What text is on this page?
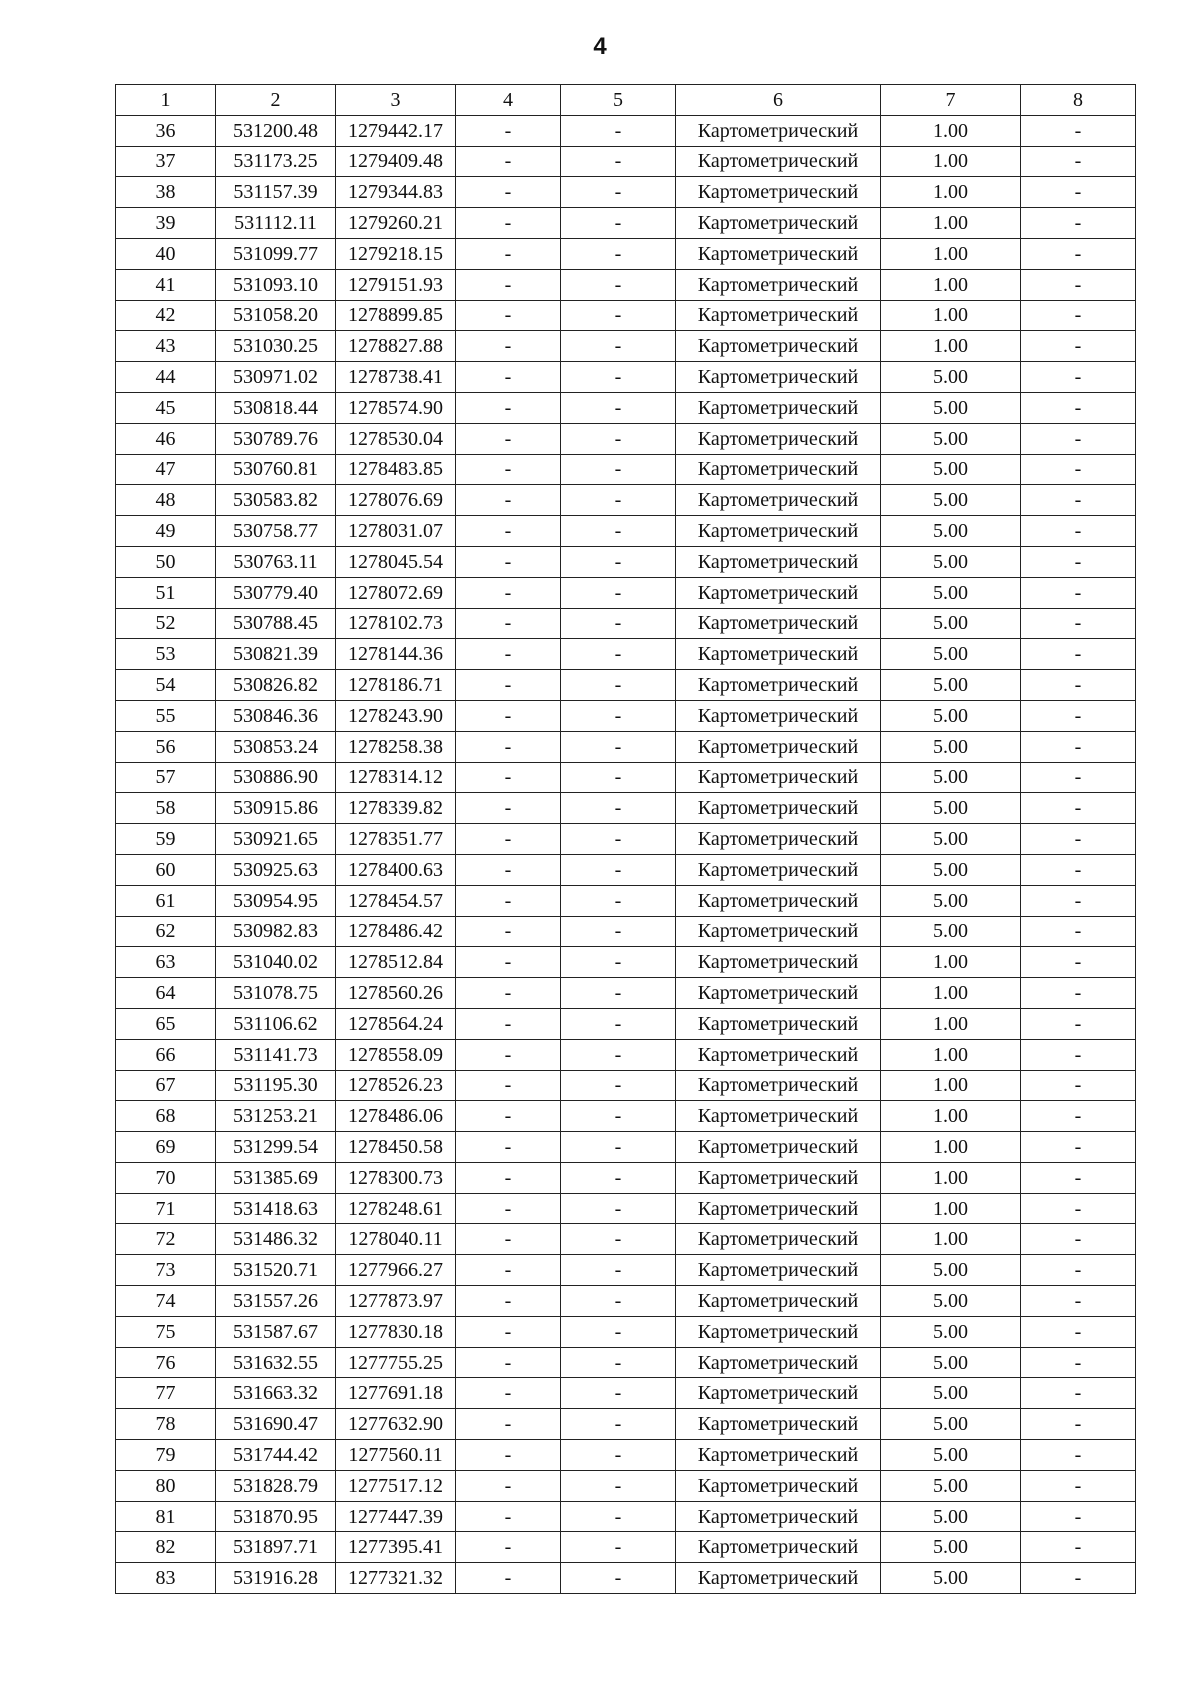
4
1	2	3	4	5	6	7	8
36	531200.48	1279442.17	-	-	Картометрический	1.00	-
37	531173.25	1279409.48	-	-	Картометрический	1.00	-
38	531157.39	1279344.83	-	-	Картометрический	1.00	-
39	531112.11	1279260.21	-	-	Картометрический	1.00	-
40	531099.77	1279218.15	-	-	Картометрический	1.00	-
41	531093.10	1279151.93	-	-	Картометрический	1.00	-
42	531058.20	1278899.85	-	-	Картометрический	1.00	-
43	531030.25	1278827.88	-	-	Картометрический	1.00	-
44	530971.02	1278738.41	-	-	Картометрический	5.00	-
45	530818.44	1278574.90	-	-	Картометрический	5.00	-
46	530789.76	1278530.04	-	-	Картометрический	5.00	-
47	530760.81	1278483.85	-	-	Картометрический	5.00	-
48	530583.82	1278076.69	-	-	Картометрический	5.00	-
49	530758.77	1278031.07	-	-	Картометрический	5.00	-
50	530763.11	1278045.54	-	-	Картометрический	5.00	-
51	530779.40	1278072.69	-	-	Картометрический	5.00	-
52	530788.45	1278102.73	-	-	Картометрический	5.00	-
53	530821.39	1278144.36	-	-	Картометрический	5.00	-
54	530826.82	1278186.71	-	-	Картометрический	5.00	-
55	530846.36	1278243.90	-	-	Картометрический	5.00	-
56	530853.24	1278258.38	-	-	Картометрический	5.00	-
57	530886.90	1278314.12	-	-	Картометрический	5.00	-
58	530915.86	1278339.82	-	-	Картометрический	5.00	-
59	530921.65	1278351.77	-	-	Картометрический	5.00	-
60	530925.63	1278400.63	-	-	Картометрический	5.00	-
61	530954.95	1278454.57	-	-	Картометрический	5.00	-
62	530982.83	1278486.42	-	-	Картометрический	5.00	-
63	531040.02	1278512.84	-	-	Картометрический	1.00	-
64	531078.75	1278560.26	-	-	Картометрический	1.00	-
65	531106.62	1278564.24	-	-	Картометрический	1.00	-
66	531141.73	1278558.09	-	-	Картометрический	1.00	-
67	531195.30	1278526.23	-	-	Картометрический	1.00	-
68	531253.21	1278486.06	-	-	Картометрический	1.00	-
69	531299.54	1278450.58	-	-	Картометрический	1.00	-
70	531385.69	1278300.73	-	-	Картометрический	1.00	-
71	531418.63	1278248.61	-	-	Картометрический	1.00	-
72	531486.32	1278040.11	-	-	Картометрический	1.00	-
73	531520.71	1277966.27	-	-	Картометрический	5.00	-
74	531557.26	1277873.97	-	-	Картометрический	5.00	-
75	531587.67	1277830.18	-	-	Картометрический	5.00	-
76	531632.55	1277755.25	-	-	Картометрический	5.00	-
77	531663.32	1277691.18	-	-	Картометрический	5.00	-
78	531690.47	1277632.90	-	-	Картометрический	5.00	-
79	531744.42	1277560.11	-	-	Картометрический	5.00	-
80	531828.79	1277517.12	-	-	Картометрический	5.00	-
81	531870.95	1277447.39	-	-	Картометрический	5.00	-
82	531897.71	1277395.41	-	-	Картометрический	5.00	-
83	531916.28	1277321.32	-	-	Картометрический	5.00	-
